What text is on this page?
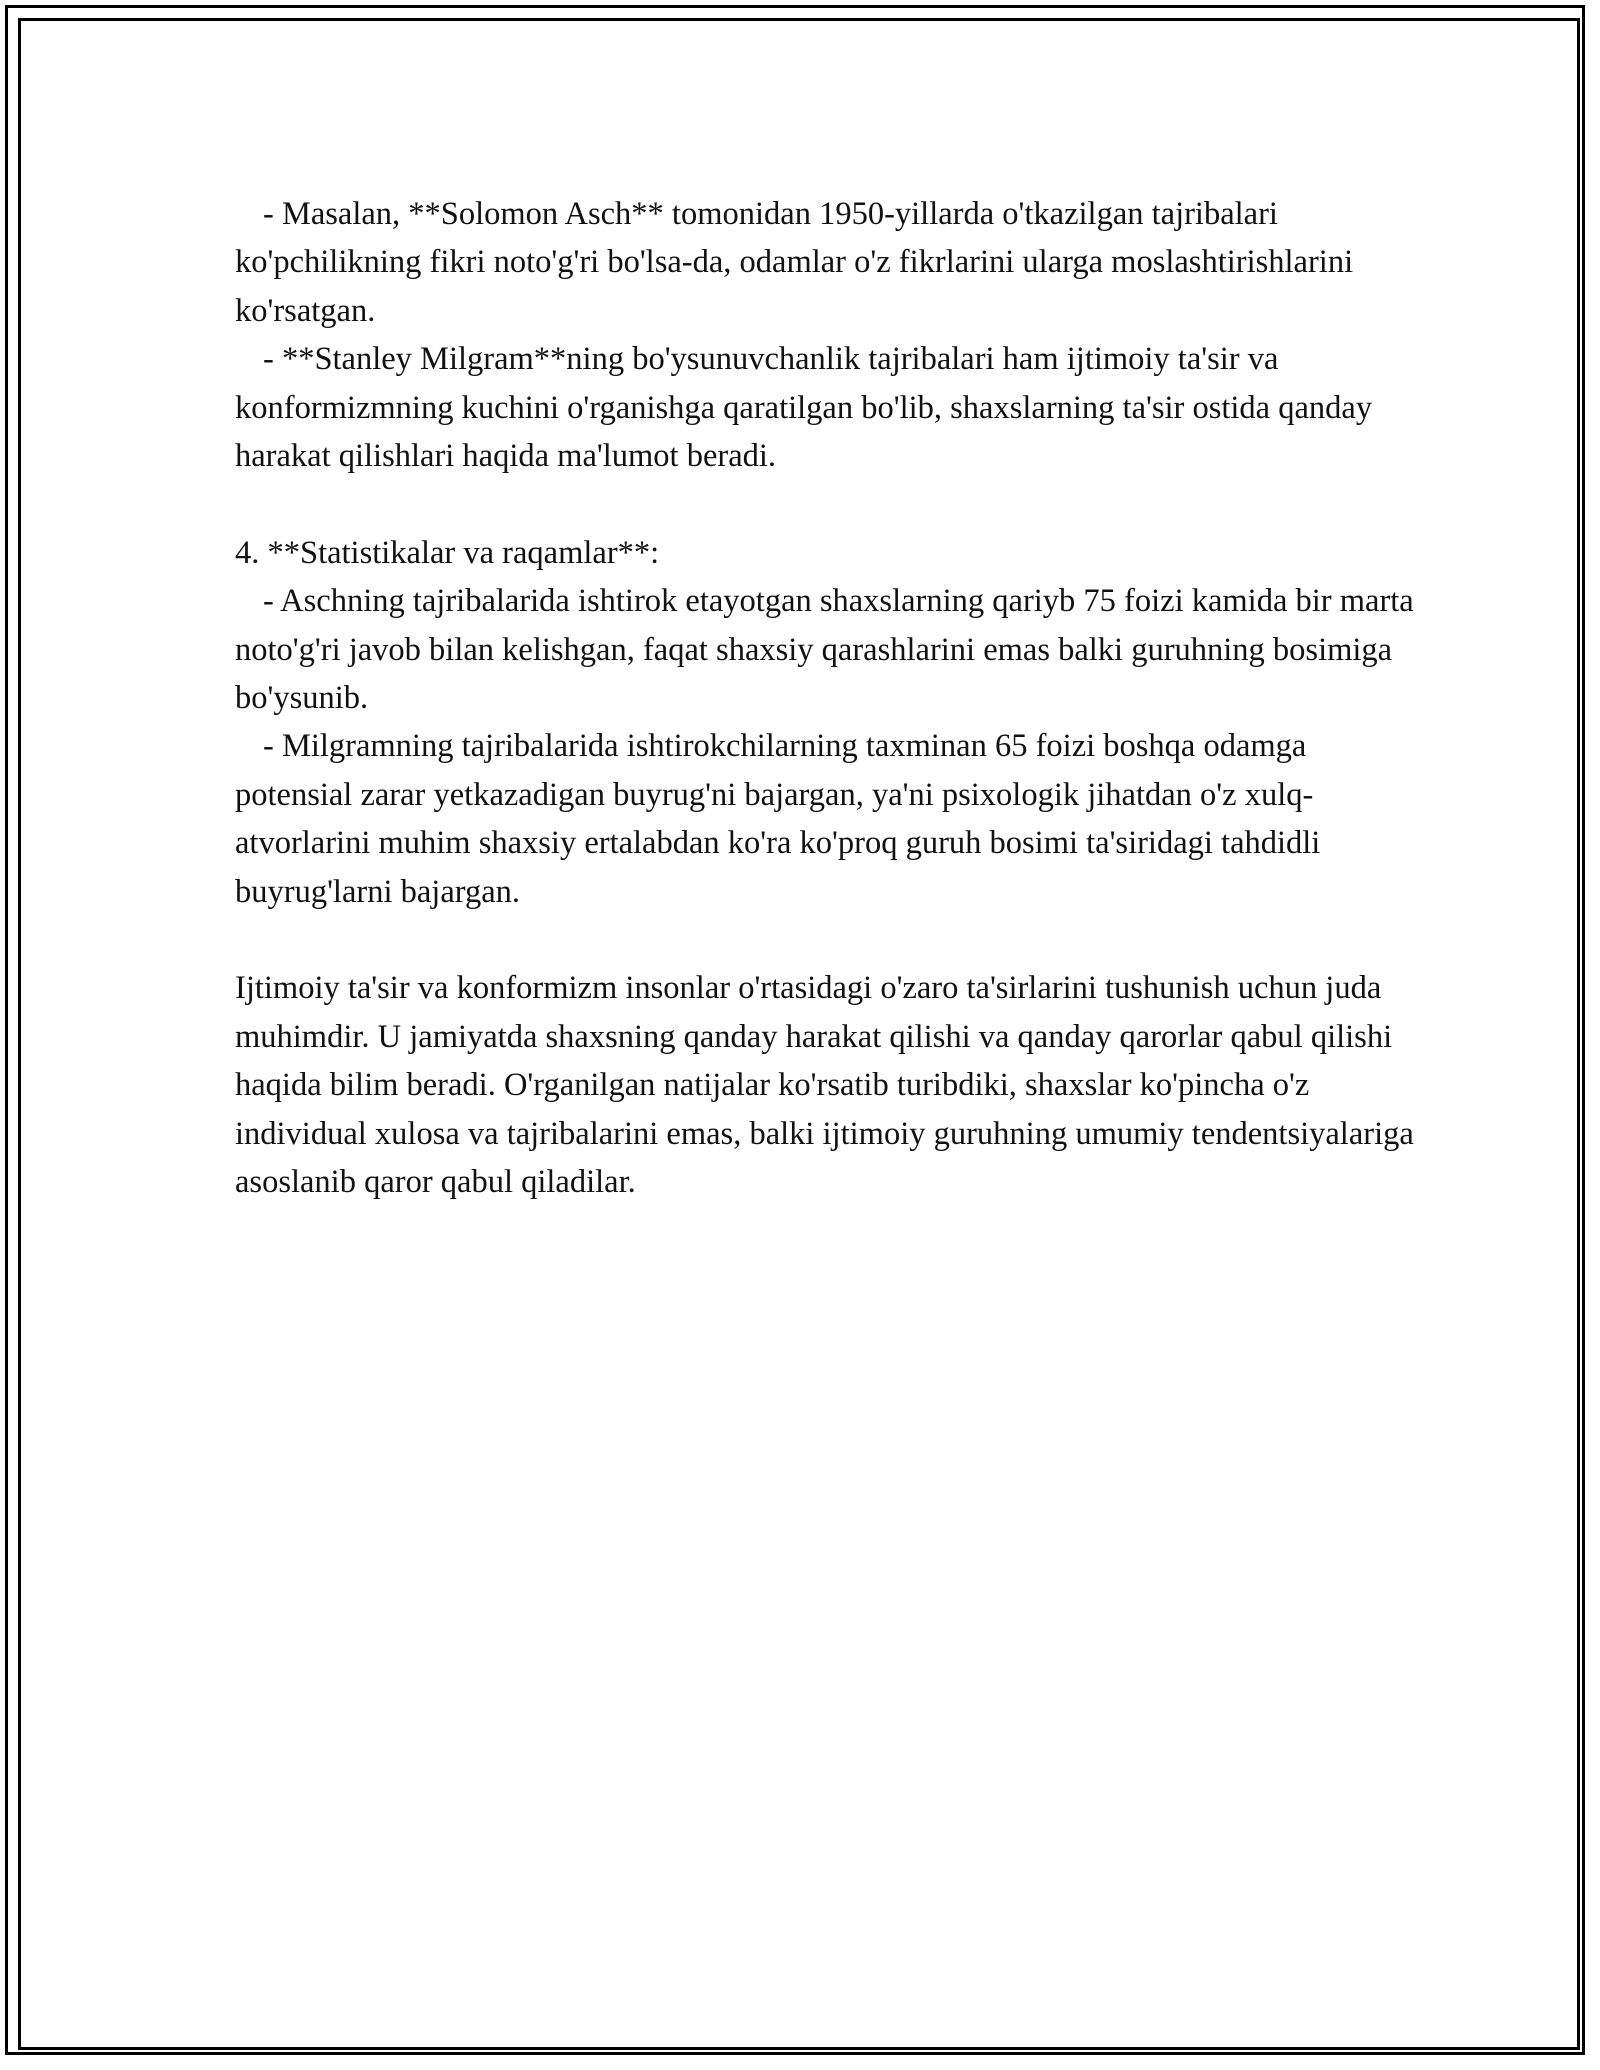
- Masalan, **Solomon Asch** tomonidan 1950-yillarda o'tkazilgan tajribalari ko'pchilikning fikri noto'g'ri bo'lsa-da, odamlar o'z fikrlarini ularga moslashtirishlarini ko'rsatgan.

- **Stanley Milgram**ning bo'ysunuvchanlik tajribalari ham ijtimoiy ta'sir va konformizmning kuchini o'rganishga qaratilgan bo'lib, shaxslarning ta'sir ostida qanday harakat qilishlari haqida ma'lumot beradi.

4. **Statistikalar va raqamlar**:

- Aschning tajribalarida ishtirok etayotgan shaxslarning qariyb 75 foizi kamida bir marta noto'g'ri javob bilan kelishgan, faqat shaxsiy qarashlarini emas balki guruhning bosimiga bo'ysunib.

- Milgramning tajribalarida ishtirokchilarning taxminan 65 foizi boshqa odamga potensial zarar yetkazadigan buyrug'ni bajargan, ya'ni psixologik jihatdan o'z xulq-atvorlarini muhim shaxsiy ertalabdan ko'ra ko'proq guruh bosimi ta'siridagi tahdidli buyrug'larni bajargan.

Ijtimoiy ta'sir va konformizm insonlar o'rtasidagi o'zaro ta'sirlarini tushunish uchun juda muhimdir. U jamiyatda shaxsning qanday harakat qilishi va qanday qarorlar qabul qilishi haqida bilim beradi. O'rganilgan natijalar ko'rsatib turibdiki, shaxslar ko'pincha o'z individual xulosa va tajribalarini emas, balki ijtimoiy guruhning umumiy tendentsiyalariga asoslanib qaror qabul qiladilar.
